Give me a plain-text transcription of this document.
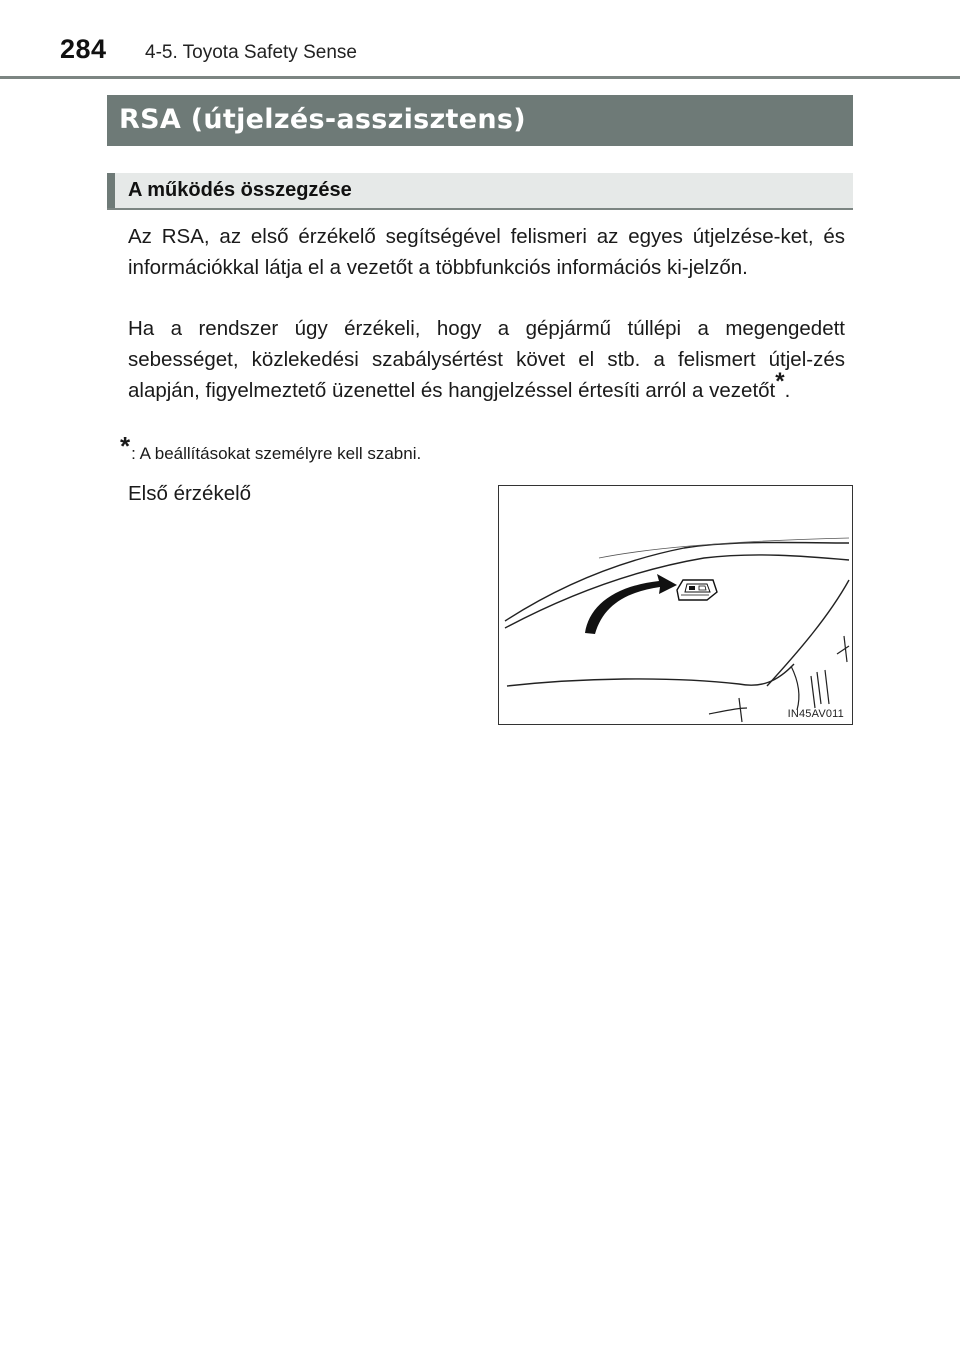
284 4-5. Toyota Safety Sense
RSA (útjelzés-asszisztens)
A működés összegzése
Az RSA, az első érzékelő segítségével felismeri az egyes útjelzése-ket, és információkkal látja el a vezetőt a többfunkciós információs ki-jelzőn.
Ha a rendszer úgy érzékeli, hogy a gépjármű túllépi a megengedett sebességet, közlekedési szabálysértést követ el stb. a felismert útjel-zés alapján, figyelmeztető üzenettel és hangjelzéssel értesíti arról a vezetőt*.
*: A beállításokat személyre kell szabni.
Első érzékelő
IN45AV011
